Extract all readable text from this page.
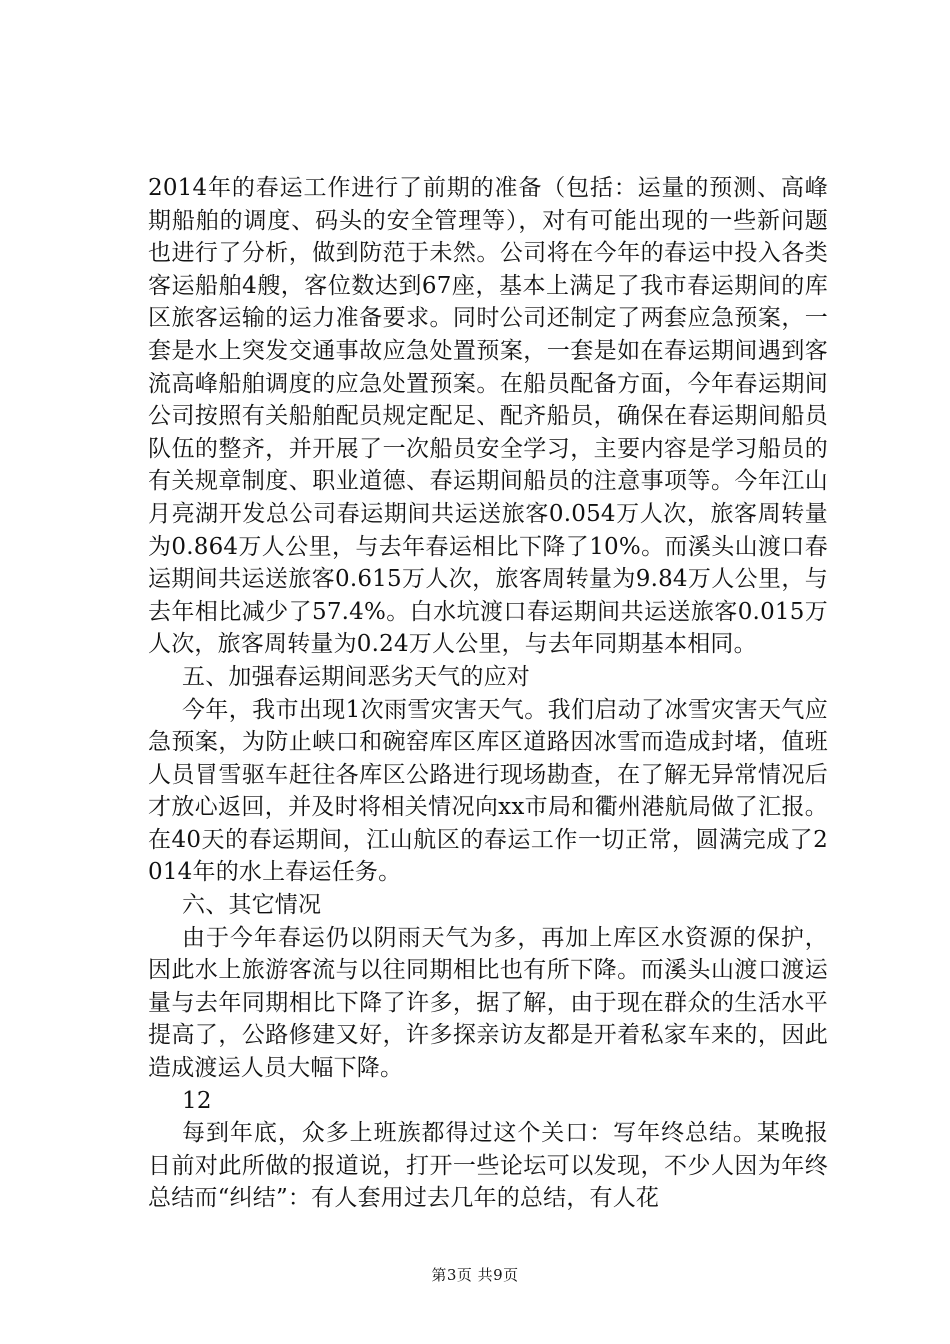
2014年的春运工作进行了前期的准备（包括：运量的预测、高峰期船舶的调度、码头的安全管理等），对有可能出现的一些新问题也进行了分析，做到防范于未然。公司将在今年的春运中投入各类客运船舶4艘，客位数达到67座，基本上满足了我市春运期间的库区旅客运输的运力准备要求。同时公司还制定了两套应急预案，一套是水上突发交通事故应急处置预案，一套是如在春运期间遇到客流高峰船舶调度的应急处置预案。在船员配备方面，今年春运期间公司按照有关船舶配员规定配足、配齐船员，确保在春运期间船员队伍的整齐，并开展了一次船员安全学习，主要内容是学习船员的有关规章制度、职业道德、春运期间船员的注意事项等。今年江山月亮湖开发总公司春运期间共运送旅客0.054万人次，旅客周转量为0.864万人公里，与去年春运相比下降了10%。而溪头山渡口春运期间共运送旅客0.615万人次，旅客周转量为9.84万人公里，与去年相比减少了57.4%。白水坑渡口春运期间共运送旅客0.015万人次，旅客周转量为0.24万人公里，与去年同期基本相同。

五、加强春运期间恶劣天气的应对

今年，我市出现1次雨雪灾害天气。我们启动了冰雪灾害天气应急预案，为防止峡口和碗窑库区库区道路因冰雪而造成封堵，值班人员冒雪驱车赶往各库区公路进行现场勘查，在了解无异常情况后才放心返回，并及时将相关情况向xx市局和衢州港航局做了汇报。在40天的春运期间，江山航区的春运工作一切正常，圆满完成了2014年的水上春运任务。

六、其它情况

由于今年春运仍以阴雨天气为多，再加上库区水资源的保护，因此水上旅游客流与以往同期相比也有所下降。而溪头山渡口渡运量与去年同期相比下降了许多，据了解，由于现在群众的生活水平提高了，公路修建又好，许多探亲访友都是开着私家车来的，因此造成渡运人员大幅下降。

12

每到年底，众多上班族都得过这个关口：写年终总结。某晚报日前对此所做的报道说，打开一些论坛可以发现，不少人因为年终总结而“纠结”：有人套用过去几年的总结，有人花

第3页 共9页
